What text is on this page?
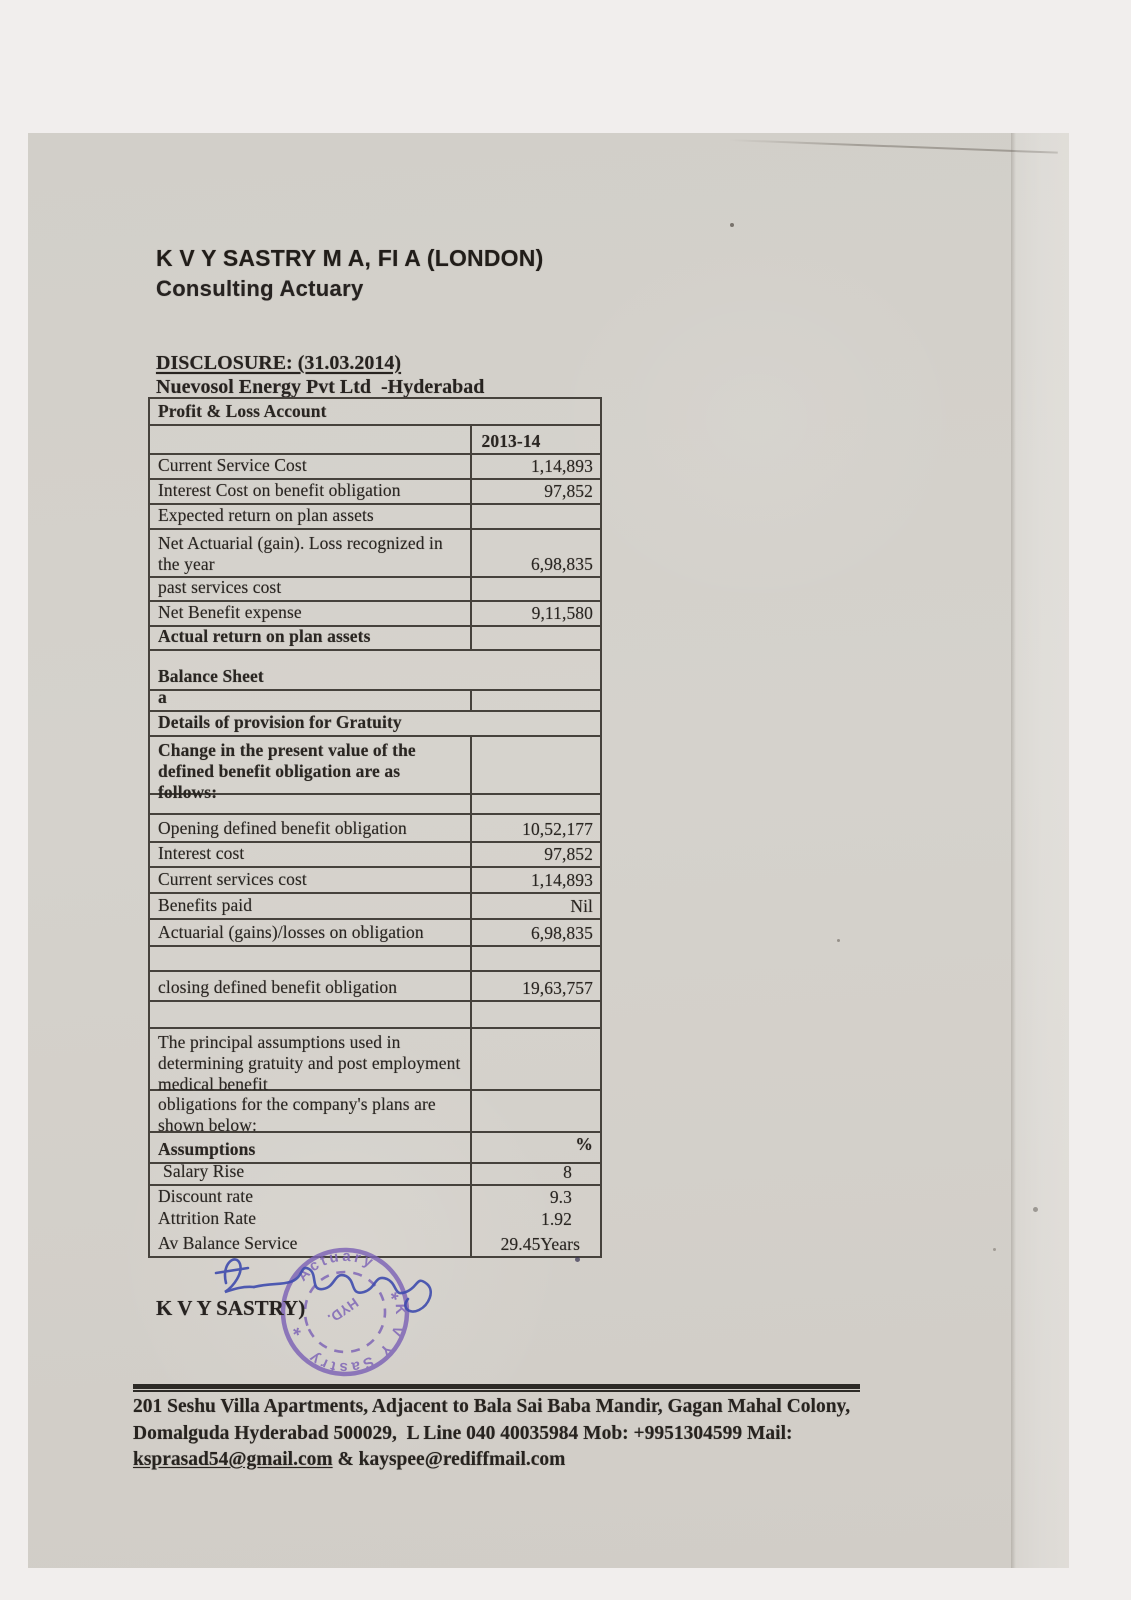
K V Y SASTRY M A, FI A (LONDON)
Consulting Actuary
DISCLOSURE: (31.03.2014)
Nuevosol Energy Pvt Ltd  -Hyderabad
Profit & Loss Account
2013-14
Current Service Cost	1,14,893
Interest Cost on benefit obligation	97,852
Expected return on plan assets
Net Actuarial (gain). Loss recognized in the year	6,98,835
past services cost
Net Benefit expense	9,11,580
Actual return on plan assets
Balance Sheet
a
Details of provision for Gratuity
Change in the present value of the defined benefit obligation are as follows:
Opening defined benefit obligation	10,52,177
Interest cost	97,852
Current services cost	1,14,893
Benefits paid	Nil
Actuarial (gains)/losses on obligation	6,98,835
closing defined benefit obligation	19,63,757
The principal assumptions used in determining gratuity and post employment medical benefit
obligations for the company's plans are shown below:
Assumptions	%
Salary Rise	8
Discount rate	9.3
Attrition Rate	1.92
Av Balance Service	29.45Years
K V Y Sastry
Actuary
*
*
HYD.
K V Y SASTRY)
201 Seshu Villa Apartments, Adjacent to Bala Sai Baba Mandir, Gagan Mahal Colony,
Domalguda Hyderabad 500029,  L Line 040 40035984 Mob: +9951304599 Mail:
ksprasad54@gmail.com & kayspee@rediffmail.com
